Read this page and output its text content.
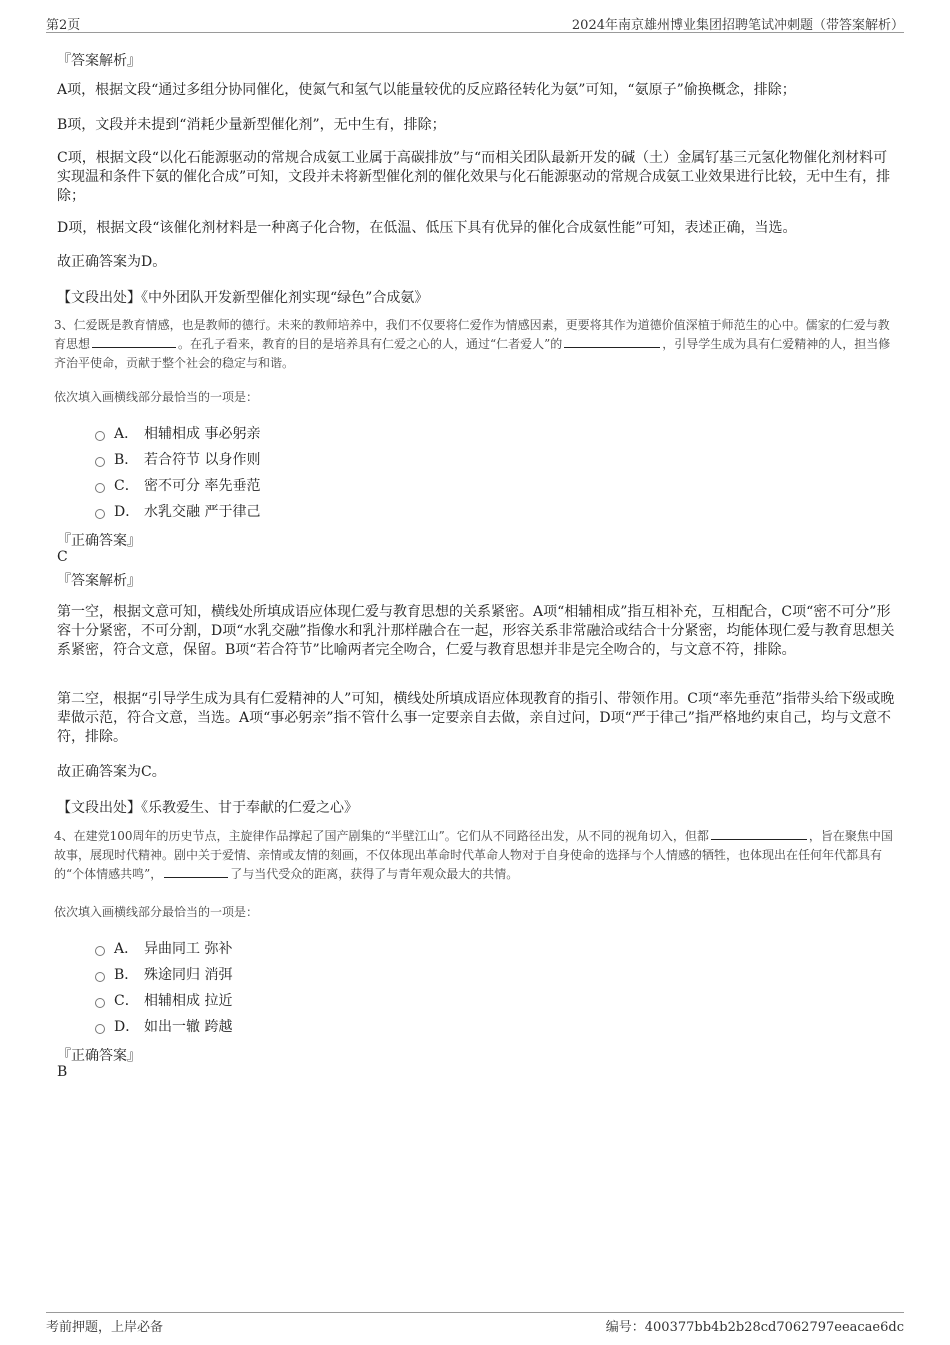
第2页	2024年南京雄州博业集团招聘笔试冲刺题（带答案解析）
『答案解析』

A项，根据文段“通过多组分协同催化，使氮气和氢气以能量较优的反应路径转化为氨”可知，“氨原子”偷换概念，排除；

B项，文段并未提到“消耗少量新型催化剂”，无中生有，排除；

C项，根据文段“以化石能源驱动的常规合成氨工业属于高碳排放”与“而相关团队最新开发的碱（土）金属钌基三元氢化物催化剂材料可实现温和条件下氨的催化合成”可知，文段并未将新型催化剂的催化效果与化石能源驱动的常规合成氨工业效果进行比较，无中生有，排除；

D项，根据文段“该催化剂材料是一种离子化合物，在低温、低压下具有优异的催化合成氨性能”可知，表述正确，当选。

故正确答案为D。

【文段出处】《中外团队开发新型催化剂实现“绿色”合成氨》

3、仁爱既是教育情感，也是教师的德行。未来的教师培养中，我们不仅要将仁爱作为情感因素，更要将其作为道德价值深植于师范生的心中。儒家的仁爱与教育思想	。在孔子看来，教育的目的是培养具有仁爱之心的人，通过“仁者爱人”的	，引导学生成为具有仁爱精神的人，担当修齐治平使命，贡献于整个社会的稳定与和谐。

依次填入画横线部分最恰当的一项是：

A． 相辅相成 事必躬亲
B． 若合符节 以身作则
C． 密不可分 率先垂范
D． 水乳交融 严于律己
『正确答案』
C
『答案解析』

第一空，根据文意可知，横线处所填成语应体现仁爱与教育思想的关系紧密。A项“相辅相成”指互相补充，互相配合，C项“密不可分”形容十分紧密，不可分割，D项“水乳交融”指像水和乳汁那样融合在一起，形容关系非常融洽或结合十分紧密，均能体现仁爱与教育思想关系紧密，符合文意，保留。B项“若合符节”比喻两者完全吻合，仁爱与教育思想并非是完全吻合的，与文意不符，排除。

第二空，根据“引导学生成为具有仁爱精神的人”可知，横线处所填成语应体现教育的指引、带领作用。C项“率先垂范”指带头给下级或晚辈做示范，符合文意，当选。A项“事必躬亲”指不管什么事一定要亲自去做，亲自过问，D项“严于律己”指严格地约束自己，均与文意不符，排除。

故正确答案为C。

【文段出处】《乐教爱生、甘于奉献的仁爱之心》

4、在建党100周年的历史节点，主旋律作品撑起了国产剧集的“半壁江山”。它们从不同路径出发，从不同的视角切入，但都	，旨在聚焦中国故事，展现时代精神。剧中关于爱情、亲情或友情的刻画，不仅体现出革命时代革命人物对于自身使命的选择与个人情感的牺牲，也体现出在任何年代都具有的“个体情感共鸣”，	了与当代受众的距离，获得了与青年观众最大的共情。

依次填入画横线部分最恰当的一项是：

A． 异曲同工 弥补
B． 殊途同归 消弭
C． 相辅相成 拉近
D． 如出一辙 跨越
『正确答案』
B
考前押题，上岸必备	编号：400377bb4b2b28cd7062797eeacae6dc
